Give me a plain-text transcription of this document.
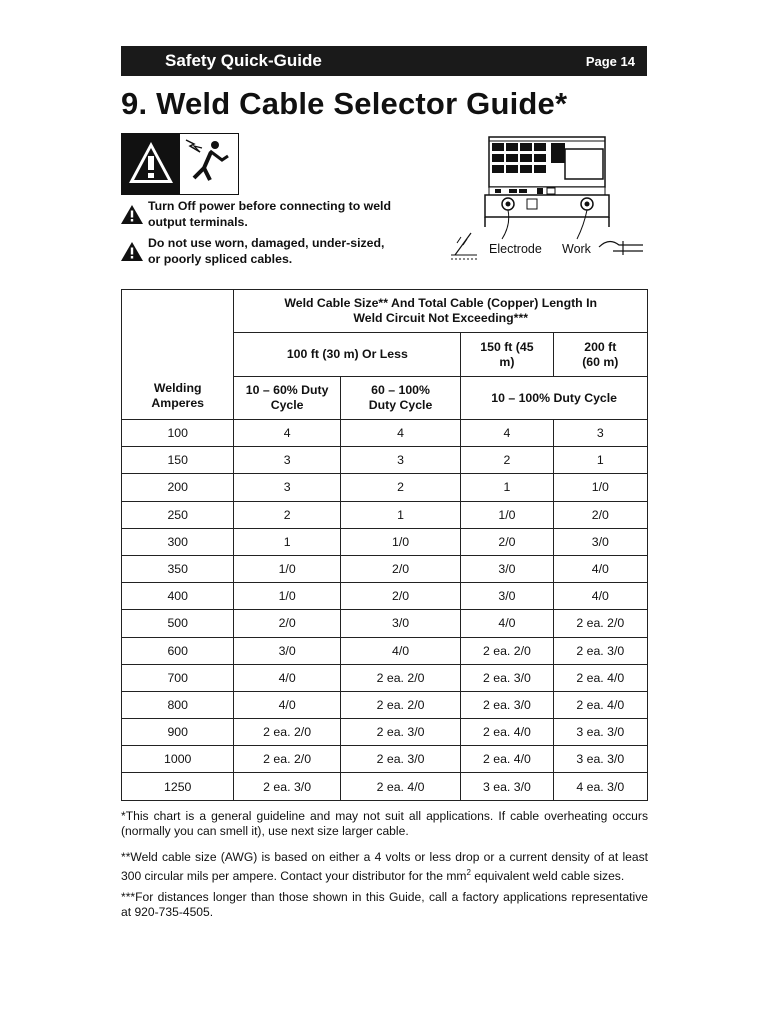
Safety Quick-Guide	Page 14
9. Weld Cable Selector Guide*
Turn Off power before connecting to weld output terminals.
Do not use worn, damaged, under-sized, or poorly spliced cables.
Electrode Work
Welding Amperes	Weld Cable Size** And Total Cable (Copper) Length In Weld Circuit Not Exceeding***			
	100 ft (30 m) Or Less		150 ft (45 m)	200 ft (60 m)
	10 – 60% Duty Cycle	60 – 100% Duty Cycle	10 – 100% Duty Cycle	
100	4	4	4	3
150	3	3	2	1
200	3	2	1	1/0
250	2	1	1/0	2/0
300	1	1/0	2/0	3/0
350	1/0	2/0	3/0	4/0
400	1/0	2/0	3/0	4/0
500	2/0	3/0	4/0	2 ea. 2/0
600	3/0	4/0	2 ea. 2/0	2 ea. 3/0
700	4/0	2 ea. 2/0	2 ea. 3/0	2 ea. 4/0
800	4/0	2 ea. 2/0	2 ea. 3/0	2 ea. 4/0
900	2 ea. 2/0	2 ea. 3/0	2 ea. 4/0	3 ea. 3/0
1000	2 ea. 2/0	2 ea. 3/0	2 ea. 4/0	3 ea. 3/0
1250	2 ea. 3/0	2 ea. 4/0	3 ea. 3/0	4 ea. 3/0
*This chart is a general guideline and may not suit all applications. If cable overheating occurs (normally you can smell it), use next size larger cable.
**Weld cable size (AWG) is based on either a 4 volts or less drop or a current density of at least 300 circular mils per ampere. Contact your distributor for the $mm^2$ equivalent weld cable sizes.
***For distances longer than those shown in this Guide, call a factory applications representative at 920-735-4505.
